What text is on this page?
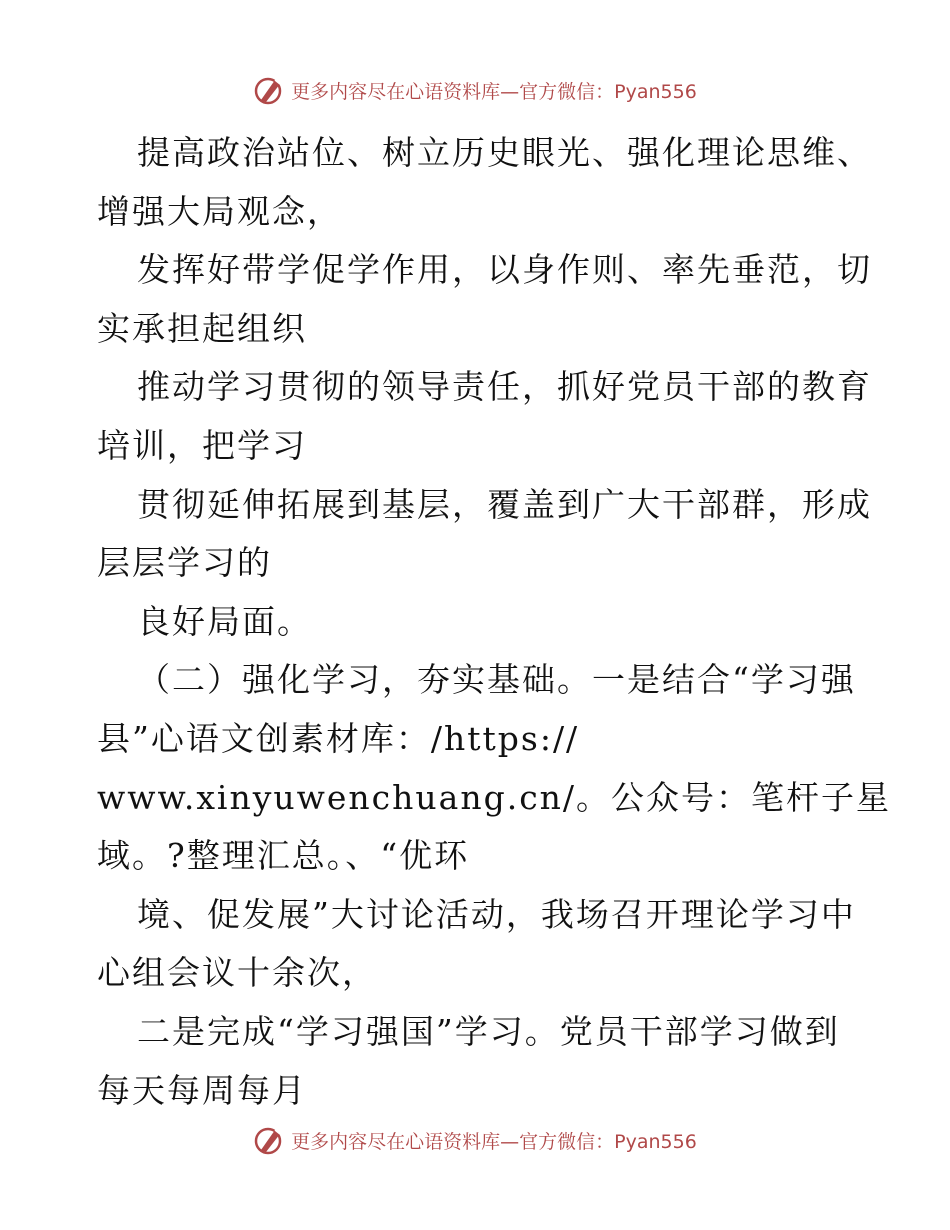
更多内容尽在心语资料库—官方微信：Pyan556
提高政治站位、树立历史眼光、强化理论思维、
增强大局观念，
发挥好带学促学作用，以身作则、率先垂范，切
实承担起组织
推动学习贯彻的领导责任，抓好党员干部的教育
培训，把学习
贯彻延伸拓展到基层，覆盖到广大干部群，形成
层层学习的
良好局面。
（二）强化学习，夯实基础。一是结合“学习强
县”心语文创素材库：/https://
www.xinyuwenchuang.cn/。公众号：笔杆子星
域。?整理汇总。、“优环
境、促发展”大讨论活动，我场召开理论学习中
心组会议十余次，
二是完成“学习强国”学习。党员干部学习做到
每天每周每月
更多内容尽在心语资料库—官方微信：Pyan556
